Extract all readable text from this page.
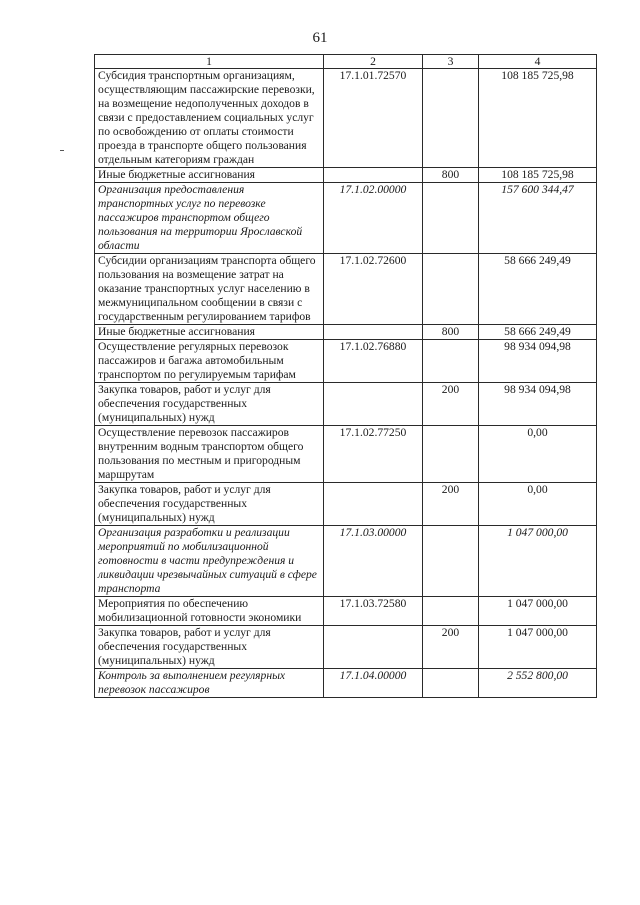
61
1	2	3	4
Субсидия транспортным организациям, осуществляющим пассажирские перевозки, на возмещение недополученных доходов в связи с предоставлением социальных услуг по освобождению от оплаты стоимости проезда в транспорте общего пользования отдельным категориям граждан	17.1.01.72570		108 185 725,98
Иные бюджетные ассигнования		800	108 185 725,98
Организация предоставления транспортных услуг по перевозке пассажиров транспортом общего пользования на территории Ярославской области	17.1.02.00000		157 600 344,47
Субсидии организациям транспорта общего пользования на возмещение затрат на оказание транспортных услуг населению в межмуниципальном сообщении в связи с государственным регулированием тарифов	17.1.02.72600		58 666 249,49
Иные бюджетные ассигнования		800	58 666 249,49
Осуществление регулярных перевозок пассажиров и багажа автомобильным транспортом по регулируемым тарифам	17.1.02.76880		98 934 094,98
Закупка товаров, работ и услуг для обеспечения государственных (муниципальных) нужд		200	98 934 094,98
Осуществление перевозок пассажиров внутренним водным транспортом общего пользования по местным и пригородным маршрутам	17.1.02.77250		0,00
Закупка товаров, работ и услуг для обеспечения государственных (муниципальных) нужд		200	0,00
Организация разработки и реализации мероприятий по мобилизационной готовности в части предупреждения и ликвидации чрезвычайных ситуаций в сфере транспорта	17.1.03.00000		1 047 000,00
Мероприятия по обеспечению мобилизационной готовности экономики	17.1.03.72580		1 047 000,00
Закупка товаров, работ и услуг для обеспечения государственных (муниципальных) нужд		200	1 047 000,00
Контроль за выполнением регулярных перевозок пассажиров	17.1.04.00000		2 552 800,00
